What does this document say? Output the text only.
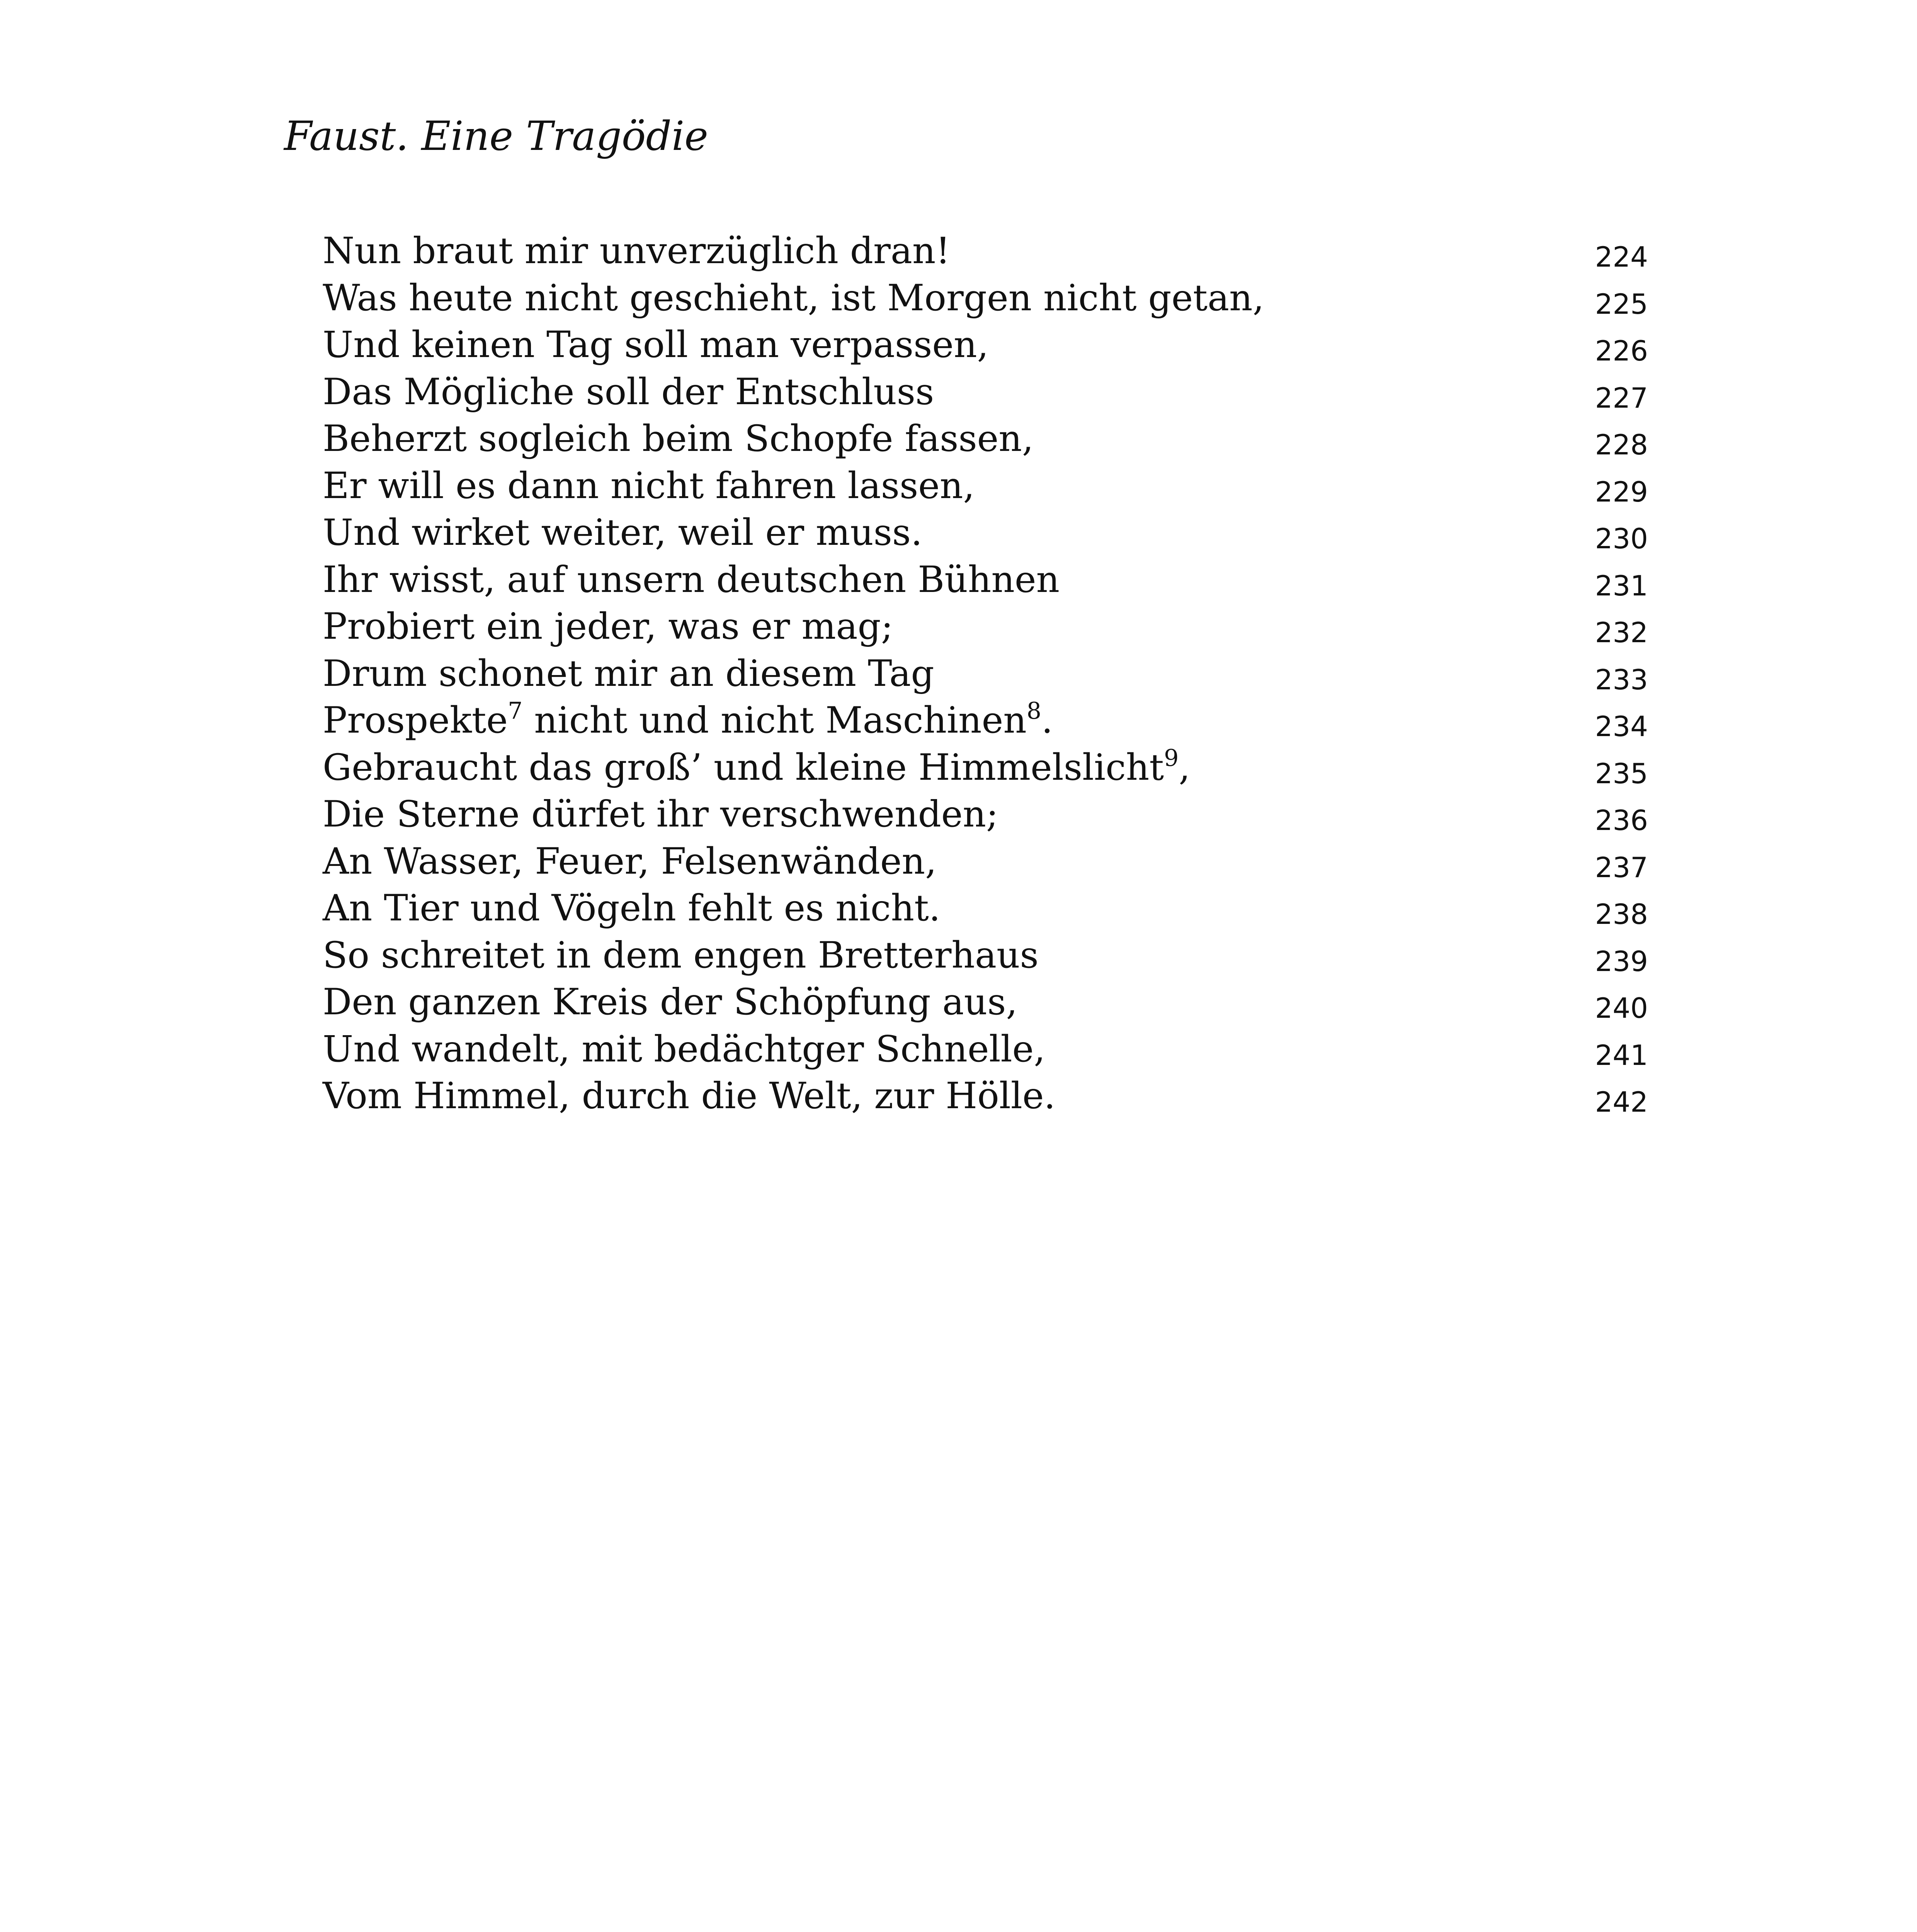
Faust. Eine Tragödie
Nun braut mir unverzüglich dran!	224
Was heute nicht geschieht, ist Morgen nicht getan,	225
Und keinen Tag soll man verpassen,	226
Das Mögliche soll der Entschluss	227
Beherzt sogleich beim Schopfe fassen,	228
Er will es dann nicht fahren lassen,	229
Und wirket weiter, weil er muss.	230
Ihr wisst, auf unsern deutschen Bühnen	231
Probiert ein jeder, was er mag;	232
Drum schonet mir an diesem Tag	233
Prospekte$^7$ nicht und nicht Maschinen$^8$.	234
Gebraucht das groß’ und kleine Himmelslicht$^9$,	235
Die Sterne dürfet ihr verschwenden;	236
An Wasser, Feuer, Felsenwänden,	237
An Tier und Vögeln fehlt es nicht.	238
So schreitet in dem engen Bretterhaus	239
Den ganzen Kreis der Schöpfung aus,	240
Und wandelt, mit bedächtger Schnelle,	241
Vom Himmel, durch die Welt, zur Hölle.	242
